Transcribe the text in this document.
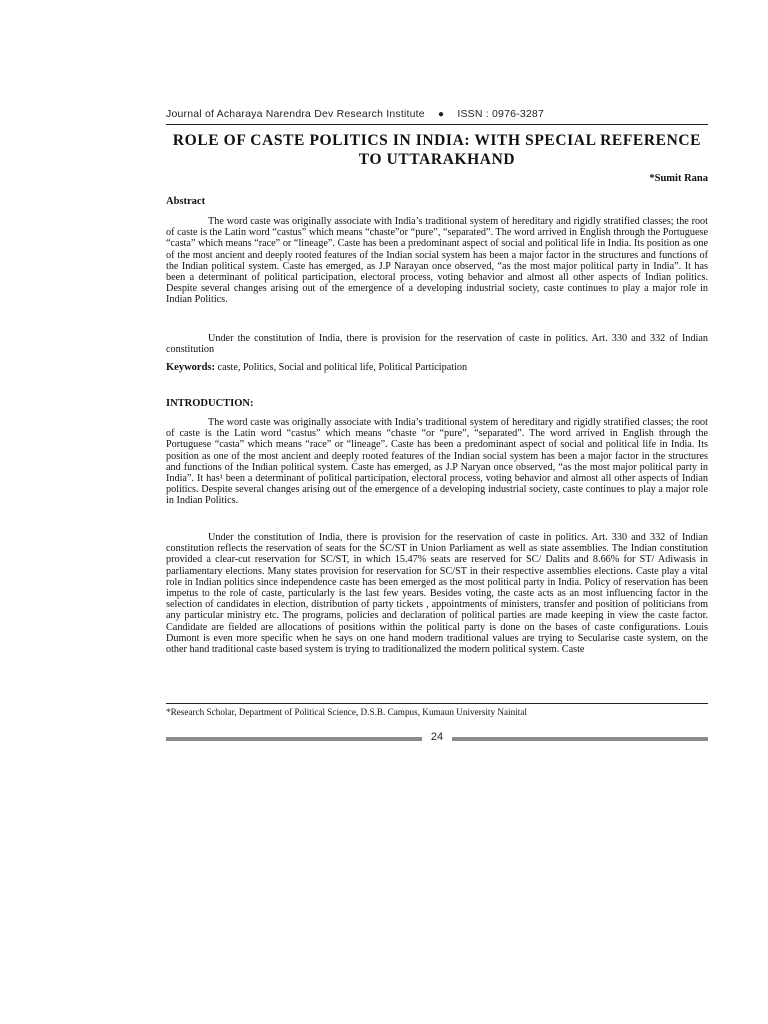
Journal of Acharaya Narendra Dev Research Institute ● ISSN : 0976-3287
ROLE OF CASTE POLITICS IN INDIA: WITH SPECIAL REFERENCE TO UTTARAKHAND
*Sumit Rana
Abstract

The word caste was originally associate with India’s traditional system of hereditary and rigidly stratified classes; the root of caste is the Latin word “castus” which means “chaste”or “pure”, “separated”. The word arrived in English through the Portuguese “casta” which means “race” or “lineage”. Caste has been a predominant aspect of social and political life in India. Its position as one of the most ancient and deeply rooted features of the Indian social system has been a major factor in the structures and functions of the Indian political system. Caste has emerged, as J.P Narayan once observed, “as the most major political party in India”. It has been a determinant of political participation, electoral process, voting behavior and almost all other aspects of Indian politics. Despite several changes arising out of the emergence of a developing industrial society, caste continues to play a major role in Indian Politics.

Under the constitution of India, there is provision for the reservation of caste in politics. Art. 330 and 332 of Indian constitution

Keywords: caste, Politics, Social and political life, Political Participation
INTRODUCTION:

The word caste was originally associate with India’s traditional system of hereditary and rigidly stratified classes; the root of caste is the Latin word “castus” which means “chaste “or “pure”, “separated”. The word arrived in English through the Portuguese “casta” which means “race” or “lineage”. Caste has been a predominant aspect of social and political life in India. Its position as one of the most ancient and deeply rooted features of the Indian social system has been a major factor in the structures and functions of the Indian political system. Caste has emerged, as J.P Naryan once observed, “as the most major political party in India”. It has¹ been a determinant of political participation, electoral process, voting behavior and almost all other aspects of Indian politics. Despite several changes arising out of the emergence of a developing industrial society, caste continues to play a major role in Indian Politics.

Under the constitution of India, there is provision for the reservation of caste in politics. Art. 330 and 332 of Indian constitution reflects the reservation of seats for the SC/ST in Union Parliament as well as state assemblies. The Indian constitution provided a clear-cut reservation for SC/ST, in which 15.47% seats are reserved for SC/ Dalits and 8.66% for ST/ Adiwasis in parliamentary elections. Many states provision for reservation for SC/ST in their respective assemblies elections. Caste play a vital role in Indian politics since independence caste has been emerged as the most political party in India. Policy of reservation has been impetus to the role of caste, particularly is the last few years. Besides voting, the caste acts as an most influencing factor in the selection of candidates in election, distribution of party tickets , appointments of ministers, transfer and position of politicians from any particular ministry etc. The programs, policies and declaration of political parties are made keeping in view the caste factor. Candidate are fielded are allocations of positions within the political party is done on the bases of caste configurations. Louis Dumont is even more specific when he says on one hand modern traditional values are trying to Secularise caste system, on the other hand traditional caste based system is trying to traditionalized the modern political system. Caste

*Research Scholar, Department of Political Science, D.S.B. Campus, Kumaun University Nainital
24
